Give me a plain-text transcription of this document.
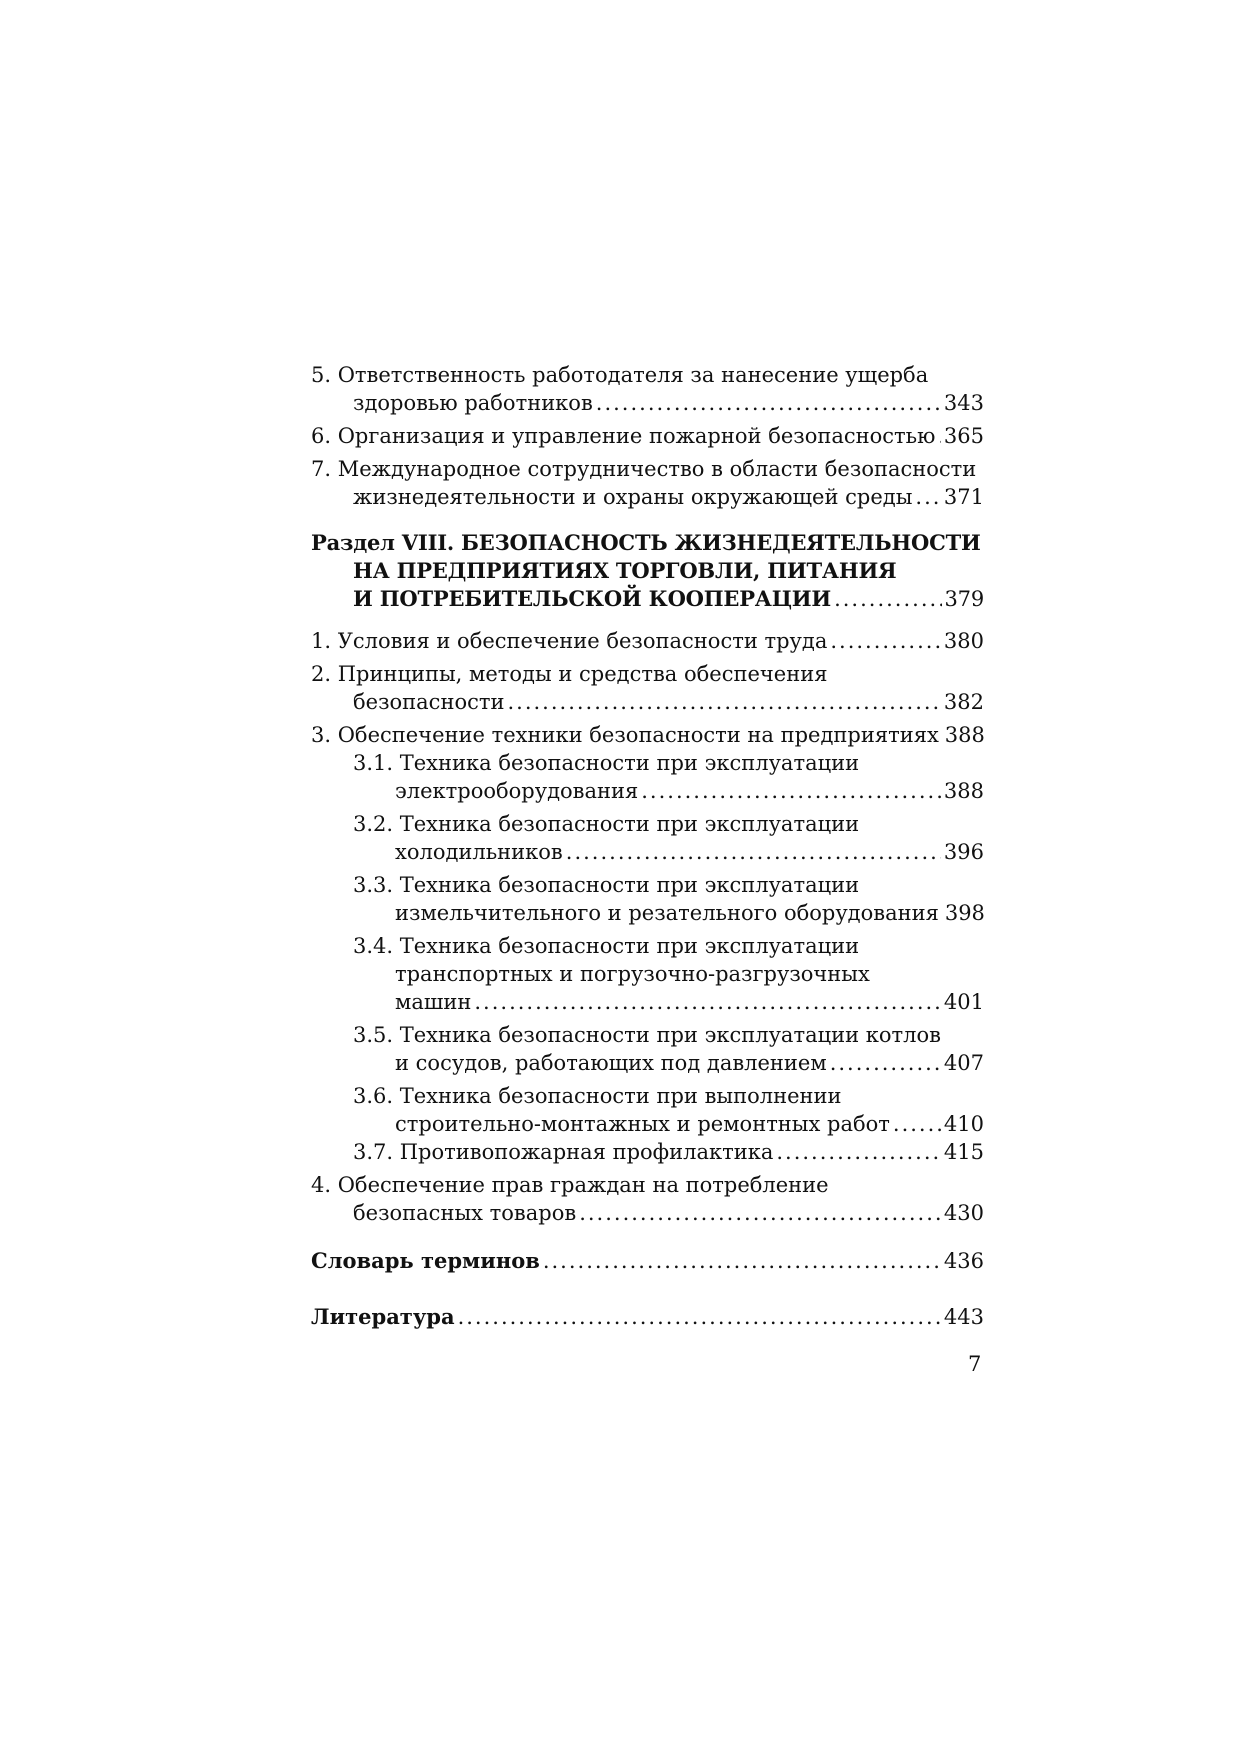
5. Ответственность работодателя за нанесение ущерба
здоровью работников .....	343
6. Организация и управление пожарной безопасностью ..... 365
7. Международное сотрудничество в области безопасности
жизнедеятельности и охраны окружающей среды ..... 371
Раздел VIII. БЕЗОПАСНОСТЬ ЖИЗНЕДЕЯТЕЛЬНОСТИ
НА ПРЕДПРИЯТИЯХ ТОРГОВЛИ, ПИТАНИЯ
И ПОТРЕБИТЕЛЬСКОЙ КООПЕРАЦИИ .....	379
1. Условия и обеспечение безопасности труда .....	380
2. Принципы, методы и средства обеспечения
безопасности .....	382
3. Обеспечение техники безопасности на предприятиях 388
3.1. Техника безопасности при эксплуатации
электрооборудования .....	388
3.2. Техника безопасности при эксплуатации
холодильников .....	396
3.3. Техника безопасности при эксплуатации
измельчительного и резательного оборудования 398
3.4. Техника безопасности при эксплуатации
транспортных и погрузочно-разгрузочных
машин .....	401
3.5. Техника безопасности при эксплуатации котлов
и сосудов, работающих под давлением .....	407
3.6. Техника безопасности при выполнении
строительно-монтажных и ремонтных работ .....	410
3.7. Противопожарная профилактика .....	415
4. Обеспечение прав граждан на потребление
безопасных товаров .....	430
Словарь терминов .....	436
Литература .....	443
7
